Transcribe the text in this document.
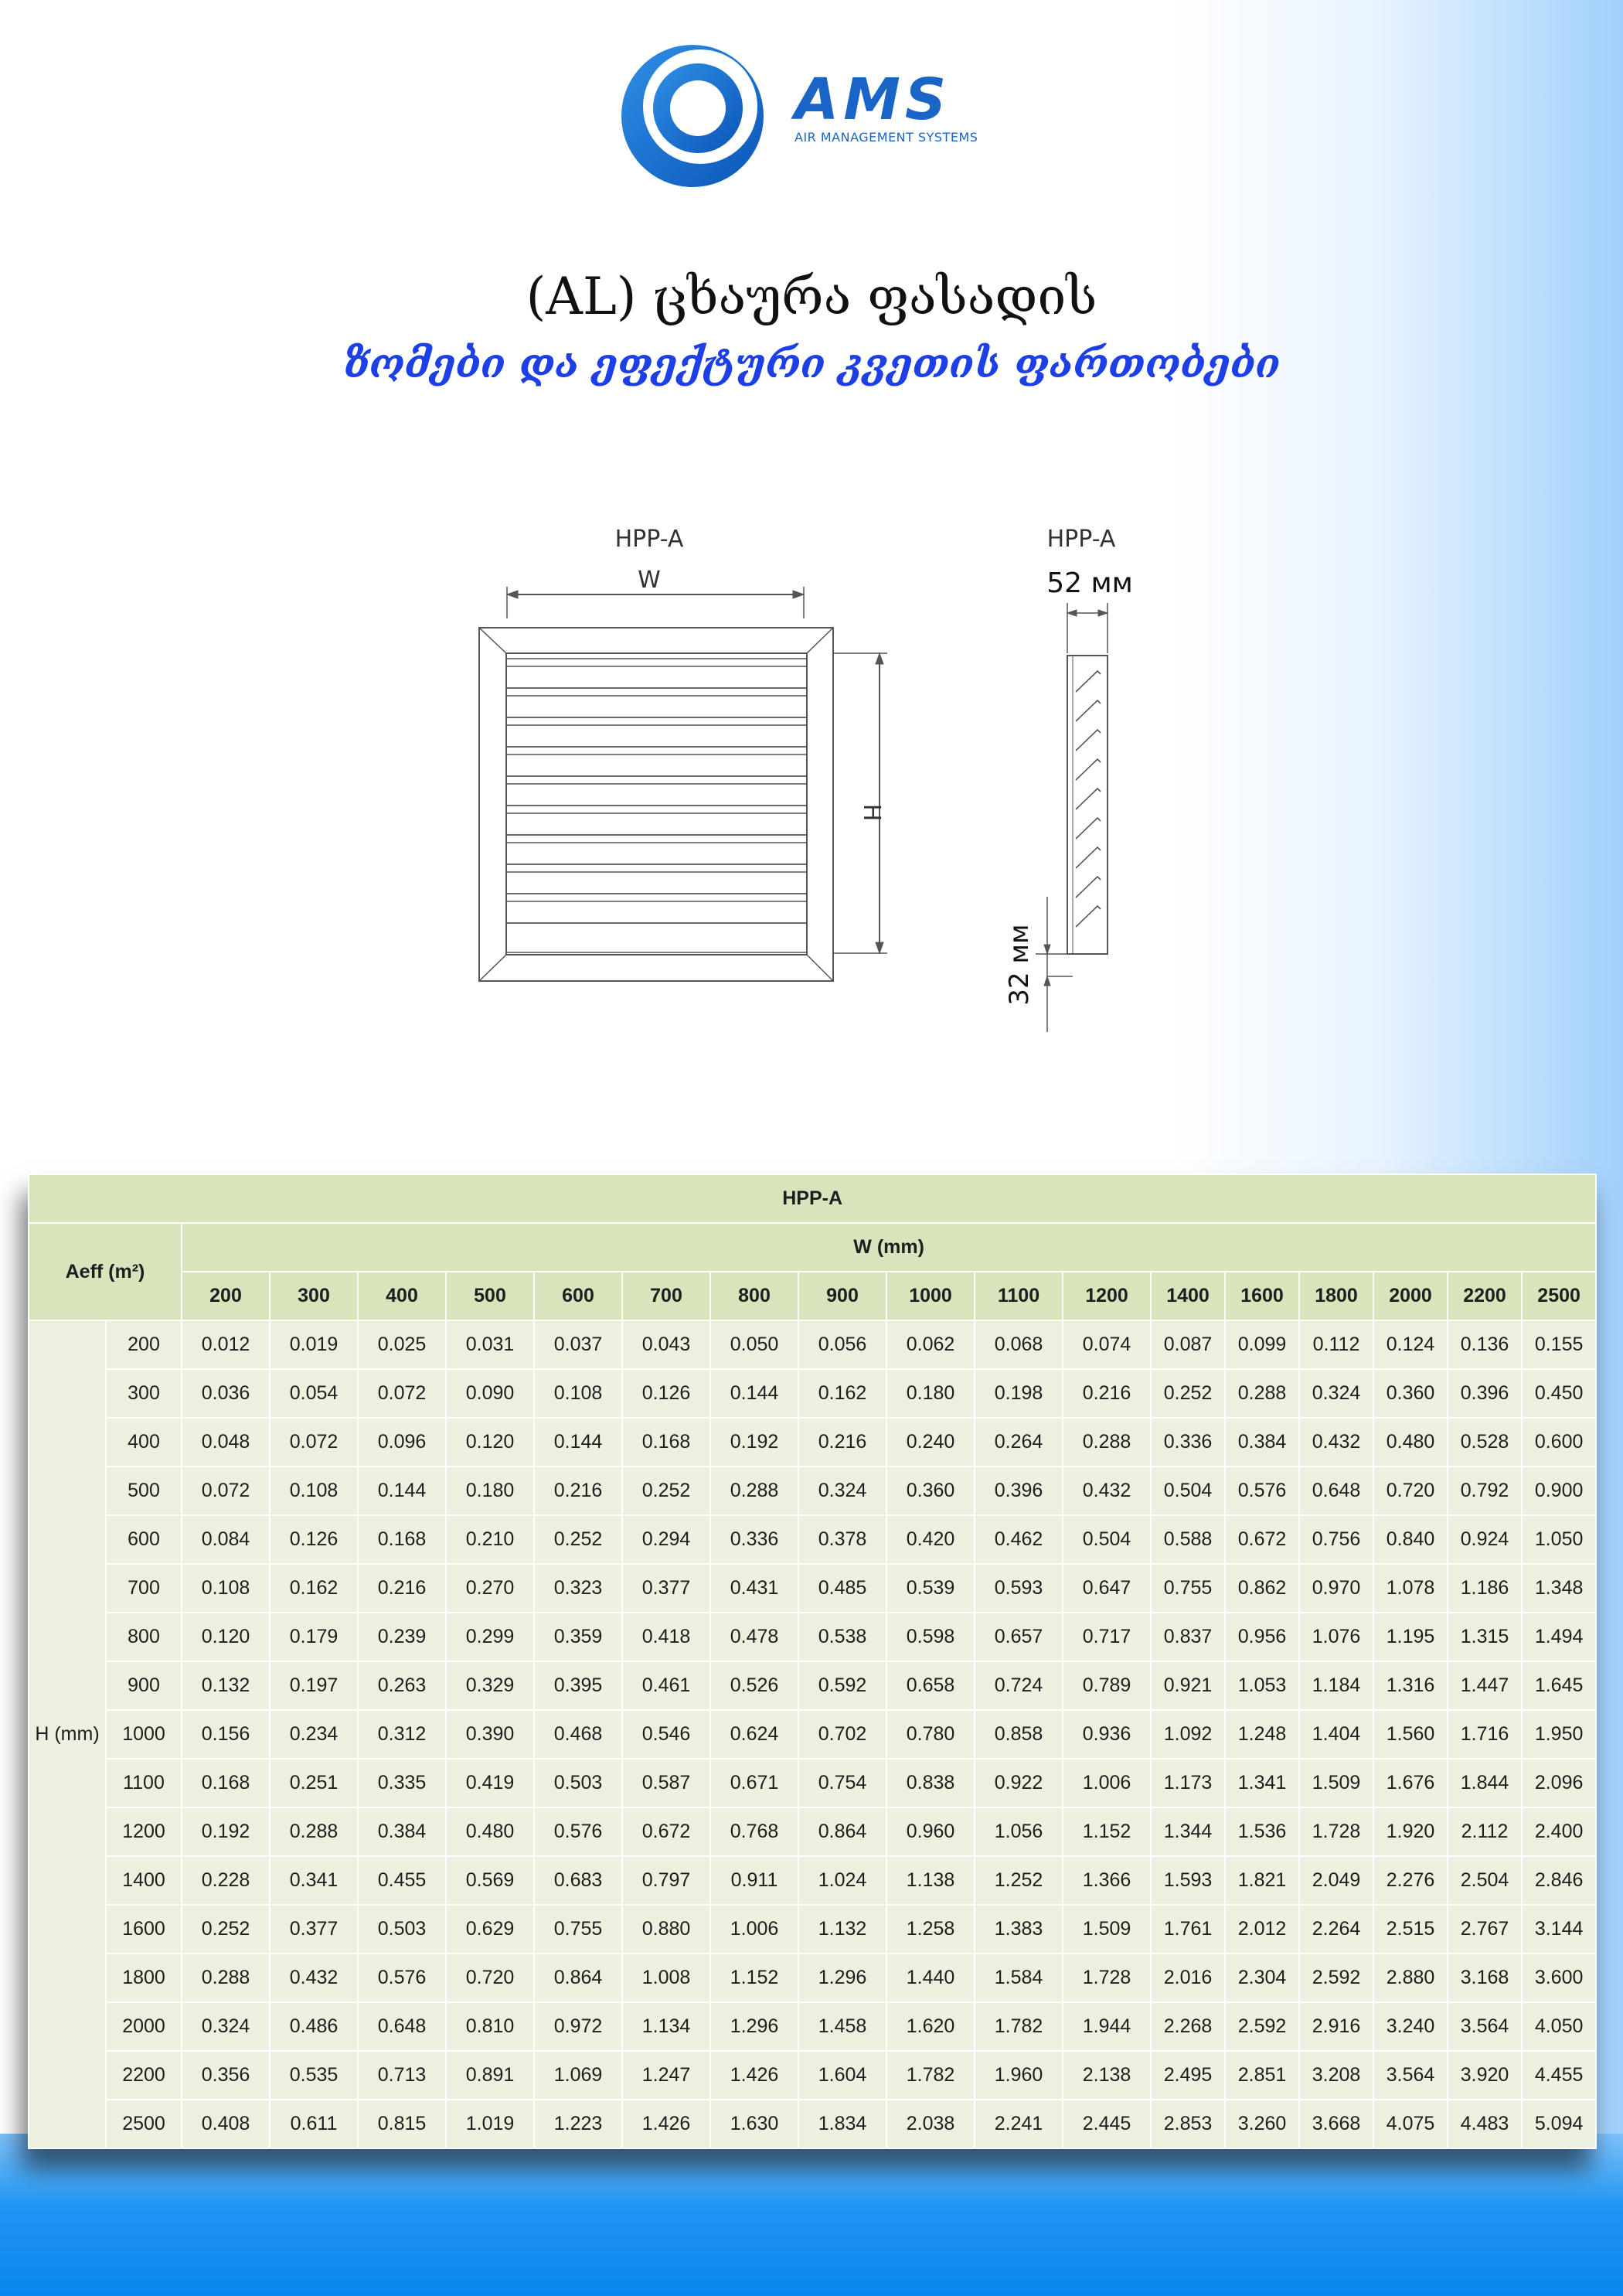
AMS
AIR MANAGEMENT SYSTEMS
(AL) ცხაურა ფასადის
ზომები და ეფექტური კვეთის ფართობები
HPP-A
W
H
HPP-A
52 мм
32 мм
HPP-A																		
Aeff (m²)		W (mm)																
		200	300	400	500	600	700	800	900	1000	1100	1200	1400	1600	1800	2000	2200	2500
H (mm)	200	0.012	0.019	0.025	0.031	0.037	0.043	0.050	0.056	0.062	0.068	0.074	0.087	0.099	0.112	0.124	0.136	0.155
	300	0.036	0.054	0.072	0.090	0.108	0.126	0.144	0.162	0.180	0.198	0.216	0.252	0.288	0.324	0.360	0.396	0.450
	400	0.048	0.072	0.096	0.120	0.144	0.168	0.192	0.216	0.240	0.264	0.288	0.336	0.384	0.432	0.480	0.528	0.600
	500	0.072	0.108	0.144	0.180	0.216	0.252	0.288	0.324	0.360	0.396	0.432	0.504	0.576	0.648	0.720	0.792	0.900
	600	0.084	0.126	0.168	0.210	0.252	0.294	0.336	0.378	0.420	0.462	0.504	0.588	0.672	0.756	0.840	0.924	1.050
	700	0.108	0.162	0.216	0.270	0.323	0.377	0.431	0.485	0.539	0.593	0.647	0.755	0.862	0.970	1.078	1.186	1.348
	800	0.120	0.179	0.239	0.299	0.359	0.418	0.478	0.538	0.598	0.657	0.717	0.837	0.956	1.076	1.195	1.315	1.494
	900	0.132	0.197	0.263	0.329	0.395	0.461	0.526	0.592	0.658	0.724	0.789	0.921	1.053	1.184	1.316	1.447	1.645
	1000	0.156	0.234	0.312	0.390	0.468	0.546	0.624	0.702	0.780	0.858	0.936	1.092	1.248	1.404	1.560	1.716	1.950
	1100	0.168	0.251	0.335	0.419	0.503	0.587	0.671	0.754	0.838	0.922	1.006	1.173	1.341	1.509	1.676	1.844	2.096
	1200	0.192	0.288	0.384	0.480	0.576	0.672	0.768	0.864	0.960	1.056	1.152	1.344	1.536	1.728	1.920	2.112	2.400
	1400	0.228	0.341	0.455	0.569	0.683	0.797	0.911	1.024	1.138	1.252	1.366	1.593	1.821	2.049	2.276	2.504	2.846
	1600	0.252	0.377	0.503	0.629	0.755	0.880	1.006	1.132	1.258	1.383	1.509	1.761	2.012	2.264	2.515	2.767	3.144
	1800	0.288	0.432	0.576	0.720	0.864	1.008	1.152	1.296	1.440	1.584	1.728	2.016	2.304	2.592	2.880	3.168	3.600
	2000	0.324	0.486	0.648	0.810	0.972	1.134	1.296	1.458	1.620	1.782	1.944	2.268	2.592	2.916	3.240	3.564	4.050
	2200	0.356	0.535	0.713	0.891	1.069	1.247	1.426	1.604	1.782	1.960	2.138	2.495	2.851	3.208	3.564	3.920	4.455
	2500	0.408	0.611	0.815	1.019	1.223	1.426	1.630	1.834	2.038	2.241	2.445	2.853	3.260	3.668	4.075	4.483	5.094
